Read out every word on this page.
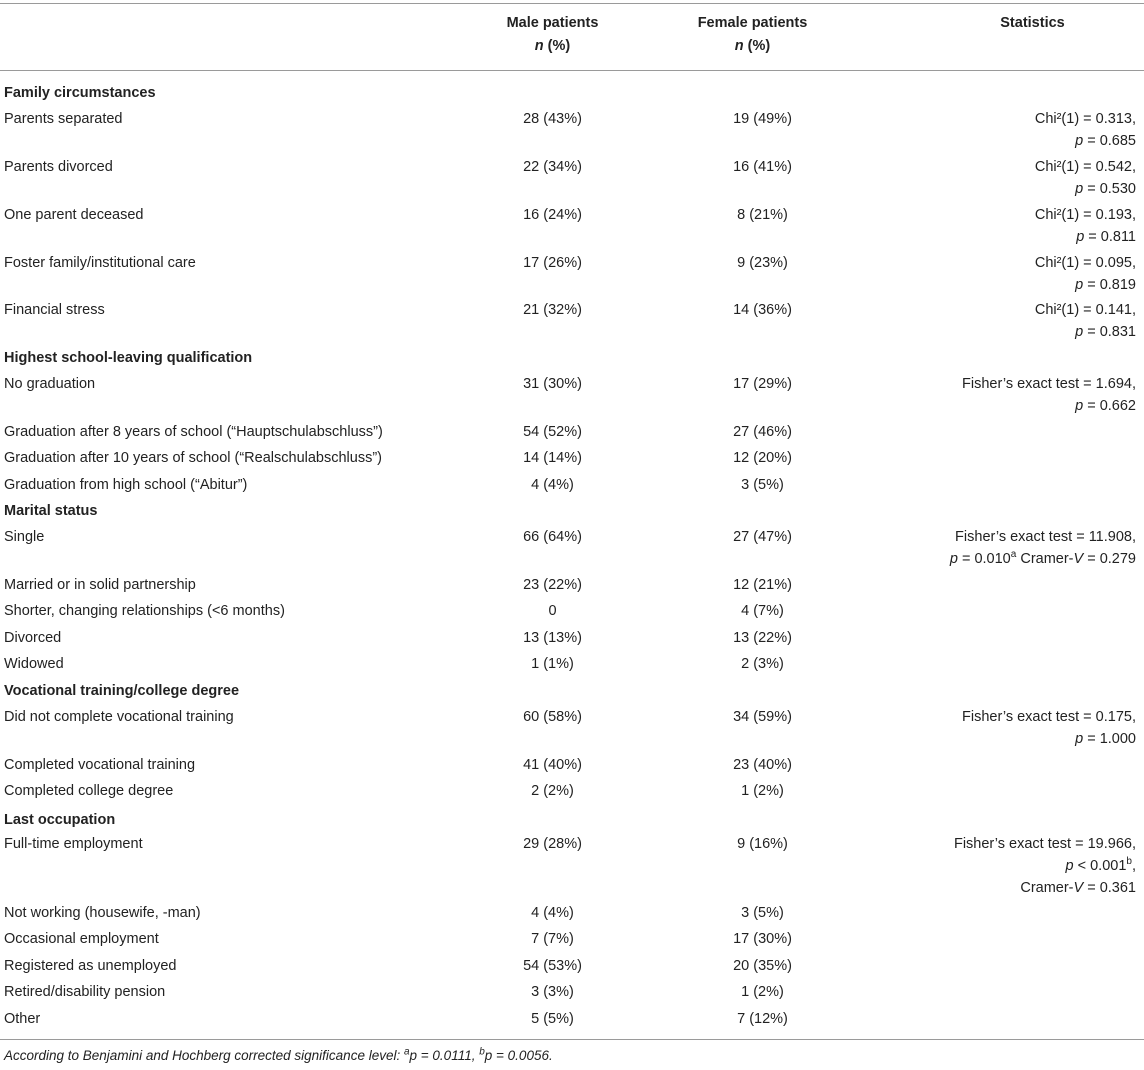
Male patients
n (%)
Female patients
n (%)
Statistics
Family circumstances
Parents separated	28 (43%)	19 (49%)	Chi²(1) = 0.313,
p = 0.685
Parents divorced	22 (34%)	16 (41%)	Chi²(1) = 0.542,
p = 0.530
One parent deceased	16 (24%)	8 (21%)	Chi²(1) = 0.193,
p = 0.811
Foster family/institutional care	17 (26%)	9 (23%)	Chi²(1) = 0.095,
p = 0.819
Financial stress	21 (32%)	14 (36%)	Chi²(1) = 0.141,
p = 0.831
Highest school-leaving qualification
No graduation	31 (30%)	17 (29%)	Fisher’s exact test = 1.694,
p = 0.662
Graduation after 8 years of school (“Hauptschulabschluss”)	54 (52%)	27 (46%)
Graduation after 10 years of school (“Realschulabschluss”)	14 (14%)	12 (20%)
Graduation from high school (“Abitur”)	4 (4%)	3 (5%)
Marital status
Single	66 (64%)	27 (47%)	Fisher’s exact test = 11.908,
p = 0.010$^a$ Cramer-V = 0.279
Married or in solid partnership	23 (22%)	12 (21%)
Shorter, changing relationships (<6 months)	0	4 (7%)
Divorced	13 (13%)	13 (22%)
Widowed	1 (1%)	2 (3%)
Vocational training/college degree
Did not complete vocational training	60 (58%)	34 (59%)	Fisher’s exact test = 0.175,
p = 1.000
Completed vocational training	41 (40%)	23 (40%)
Completed college degree	2 (2%)	1 (2%)
Last occupation
Full-time employment	29 (28%)	9 (16%)	Fisher’s exact test = 19.966,
p < 0.001$^b$,
Cramer-V = 0.361
Not working (housewife, -man)	4 (4%)	3 (5%)
Occasional employment	7 (7%)	17 (30%)
Registered as unemployed	54 (53%)	20 (35%)
Retired/disability pension	3 (3%)	1 (2%)
Other	5 (5%)	7 (12%)
According to Benjamini and Hochberg corrected significance level: $^a$p = 0.0111, $^b$p = 0.0056.
